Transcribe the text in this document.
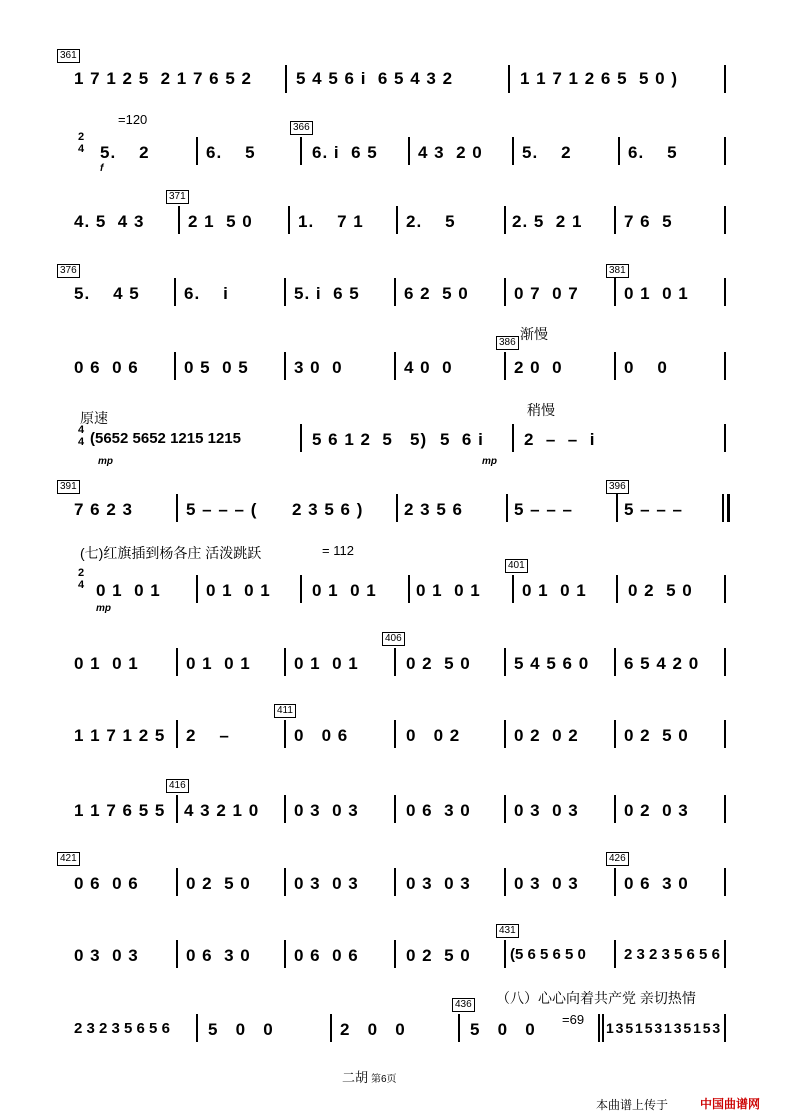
361
1 7 1 2 5  2 1 7 6 5 2	5 4 5 6 i  6 5 4 3 2	1 1 7 1 2 6 5  5 0 )
=120
2
4
f
5.    2	6.    5
366
6. i  6 5 4 3  2 0 5.    2	6.    5
371
4. 5  4 3	2 1  5 0	1.    7 1 2.    5	2. 5  2 1 7 6  5
376
5.    4 5	6.    i	5. i  6 5	6 2  5 0	0 7  0 7
381
0 1  0 1
渐慢
386
0 6  0 6	0 5  0 5	3 0  0	4 0  0	2 0  0	0    0
原速	稍慢
4
4 (5652 5652 1215 1215
mp
5 6 1 2  5   5) 5  6 i
mp
2  –  –  i
391
7 6 2 3	5 – – – ( 2 3 5 6 ) 2 3 5 6	5 – – –
396
5 – – –
(七)红旗插到杨各庄 活泼跳跃	= 112
401
2
4 0 1  0 1
mp
0 1  0 1 0 1  0 1 0 1  0 1 0 1  0 1 0 2  5 0
406
0 1  0 1	0 1  0 1	0 1  0 1	0 2  5 0	5 4 5 6 0 6 5 4 2 0
411
1 1 7 1 2 5 2    –	0   0 6	0   0 2	0 2  0 2	0 2  5 0
416
1 1 7 6 5 5 4 3 2 1 0 0 3  0 3	0 6  3 0	0 3  0 3	0 2  0 3
421	426
0 6  0 6	0 2  5 0	0 3  0 3	0 3  0 3	0 3  0 3	0 6  3 0
431
0 3  0 3	0 6  3 0	0 6  0 6	0 2  5 0	(5 6 5 6 5 0	2 3 2 3 5 6 5 6
（八）心心向着共产党 亲切热情
436
=69
2 3 2 3 5 6 5 6 5   0   0	2   0   0	5   0   0	1 3 5 1 5 3 1 3 5 1 5 3
二胡 第6页
本曲谱上传于	中国曲谱网
